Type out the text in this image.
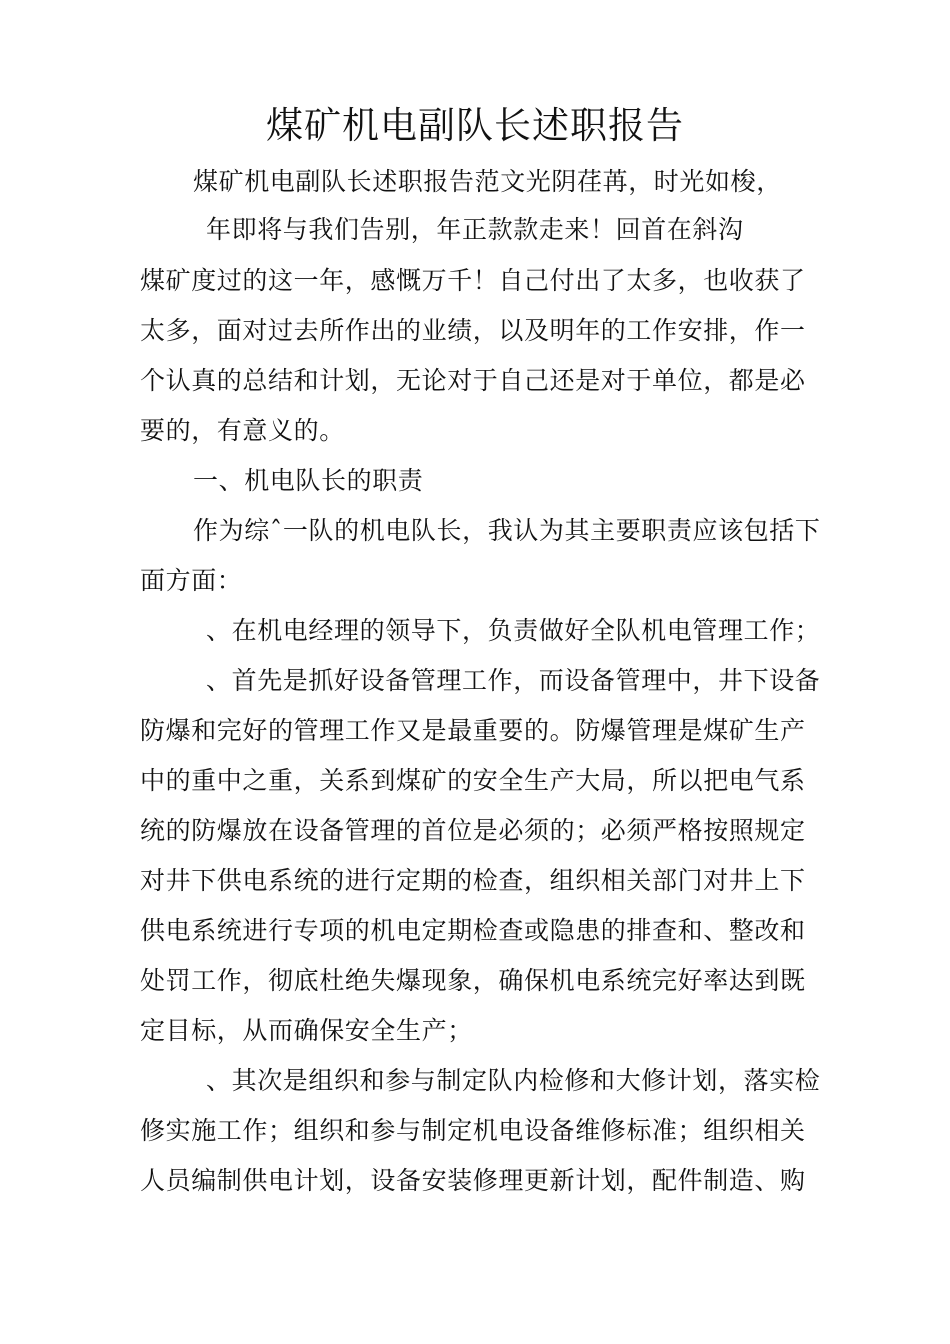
煤矿机电副队长述职报告

煤矿机电副队长述职报告范文光阴荏苒，时光如梭，

年即将与我们告别，年正款款走来！回首在斜沟

煤矿度过的这一年，感慨万千！自己付出了太多，也收获了

太多，面对过去所作出的业绩，以及明年的工作安排，作一

个认真的总结和计划，无论对于自己还是对于单位，都是必

要的，有意义的。

一、机电队长的职责

作为综ˆ一队的机电队长，我认为其主要职责应该包括下

面方面：

、在机电经理的领导下，负责做好全队机电管理工作；

、首先是抓好设备管理工作，而设备管理中，井下设备

防爆和完好的管理工作又是最重要的。防爆管理是煤矿生产

中的重中之重，关系到煤矿的安全生产大局，所以把电气系

统的防爆放在设备管理的首位是必须的；必须严格按照规定

对井下供电系统的进行定期的检查，组织相关部门对井上下

供电系统进行专项的机电定期检查或隐患的排查和、整改和

处罚工作，彻底杜绝失爆现象，确保机电系统完好率达到既

定目标，从而确保安全生产；

、其次是组织和参与制定队内检修和大修计划，落实检

修实施工作；组织和参与制定机电设备维修标准；组织相关

人员编制供电计划，设备安装修理更新计划，配件制造、购
